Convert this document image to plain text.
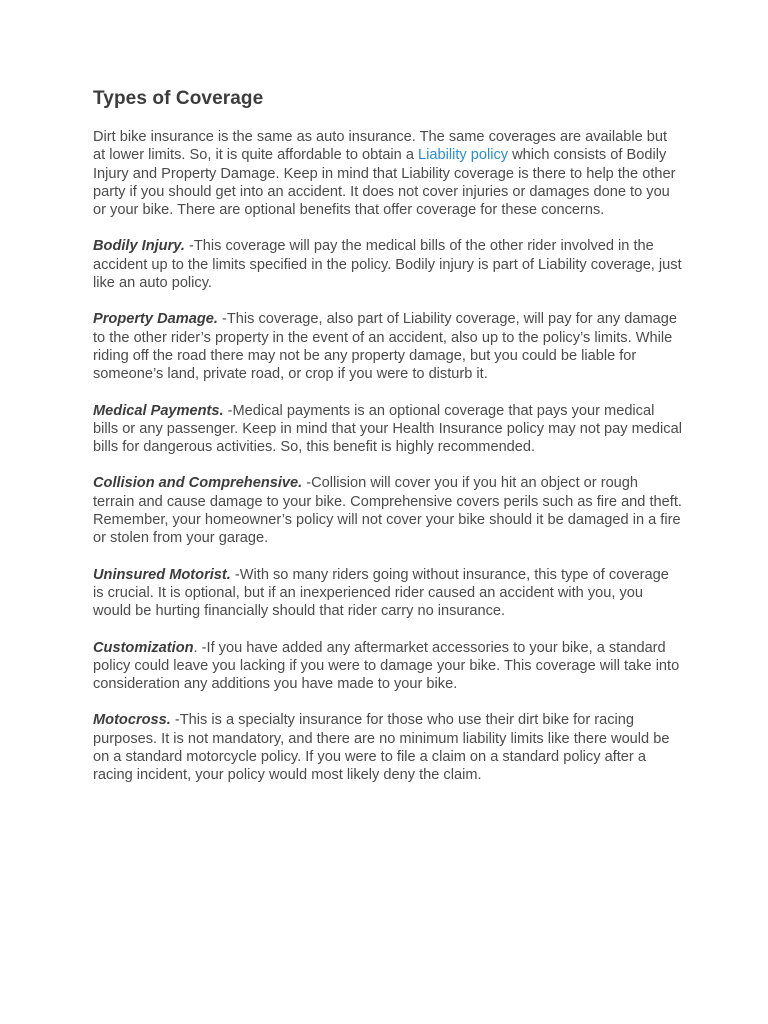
Types of Coverage

Dirt bike insurance is the same as auto insurance. The same coverages are available but at lower limits. So, it is quite affordable to obtain a Liability policy which consists of Bodily Injury and Property Damage. Keep in mind that Liability coverage is there to help the other party if you should get into an accident. It does not cover injuries or damages done to you or your bike. There are optional benefits that offer coverage for these concerns.

Bodily Injury. -This coverage will pay the medical bills of the other rider involved in the accident up to the limits specified in the policy. Bodily injury is part of Liability coverage, just like an auto policy.

Property Damage. -This coverage, also part of Liability coverage, will pay for any damage to the other rider’s property in the event of an accident, also up to the policy’s limits. While riding off the road there may not be any property damage, but you could be liable for someone’s land, private road, or crop if you were to disturb it.

Medical Payments. -Medical payments is an optional coverage that pays your medical bills or any passenger. Keep in mind that your Health Insurance policy may not pay medical bills for dangerous activities. So, this benefit is highly recommended.

Collision and Comprehensive. -Collision will cover you if you hit an object or rough terrain and cause damage to your bike. Comprehensive covers perils such as fire and theft. Remember, your homeowner’s policy will not cover your bike should it be damaged in a fire or stolen from your garage.

Uninsured Motorist. -With so many riders going without insurance, this type of coverage is crucial. It is optional, but if an inexperienced rider caused an accident with you, you would be hurting financially should that rider carry no insurance.

Customization. -If you have added any aftermarket accessories to your bike, a standard policy could leave you lacking if you were to damage your bike. This coverage will take into consideration any additions you have made to your bike.

Motocross. -This is a specialty insurance for those who use their dirt bike for racing purposes. It is not mandatory, and there are no minimum liability limits like there would be on a standard motorcycle policy. If you were to file a claim on a standard policy after a racing incident, your policy would most likely deny the claim.
